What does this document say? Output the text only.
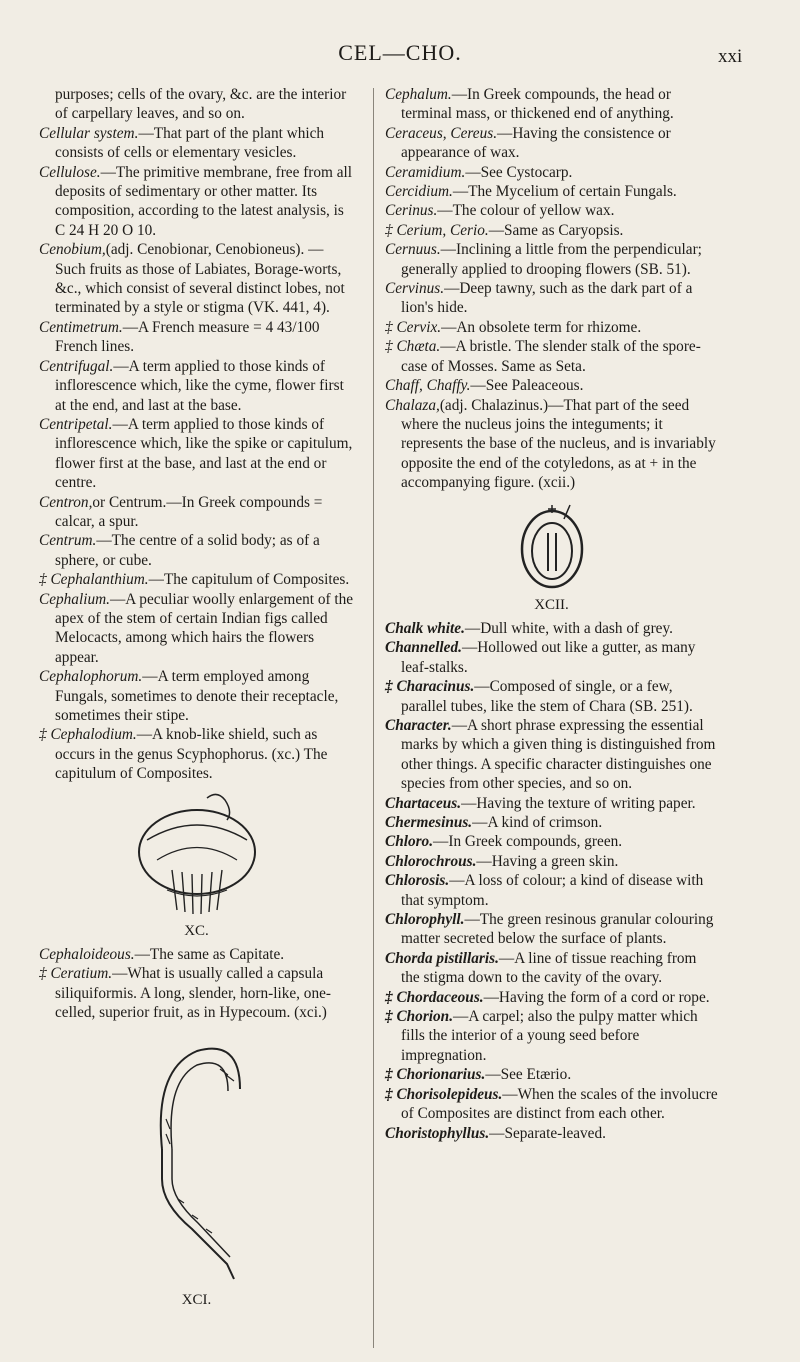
CEL—CHO.	xxi

purposes; cells of the ovary, &c. are the interior of carpellary leaves, and so on.

Cellular system.—That part of the plant which consists of cells or elementary vesicles.

Cellulose.—The primitive membrane, free from all deposits of sedimentary or other matter. Its composition, according to the latest analysis, is C 24 H 20 O 10.

Cenobium,(adj. Cenobionar, Cenobioneus). —Such fruits as those of Labiates, Borage-worts, &c., which consist of several distinct lobes, not terminated by a style or stigma (VK. 441, 4).

Centimetrum.—A French measure = 4 43/100 French lines.

Centrifugal.—A term applied to those kinds of inflorescence which, like the cyme, flower first at the end, and last at the base.

Centripetal.—A term applied to those kinds of inflorescence which, like the spike or capitulum, flower first at the base, and last at the end or centre.

Centron,or Centrum.—In Greek compounds = calcar, a spur.

Centrum.—The centre of a solid body; as of a sphere, or cube.

‡ Cephalanthium.—The capitulum of Composites.

Cephalium.—A peculiar woolly enlargement of the apex of the stem of certain Indian figs called Melocacts, among which hairs the flowers appear.

Cephalophorum.—A term employed among Fungals, sometimes to denote their receptacle, sometimes their stipe.

‡ Cephalodium.—A knob-like shield, such as occurs in the genus Scyphophorus. (xc.) The capitulum of Composites.

XC.

Cephaloideous.—The same as Capitate.

‡ Ceratium.—What is usually called a capsula siliquiformis. A long, slender, horn-like, one-celled, superior fruit, as in Hypecoum. (xci.)

XCI.

Cephalum.—In Greek compounds, the head or terminal mass, or thickened end of anything.

Ceraceus, Cereus.—Having the consistence or appearance of wax.

Ceramidium.—See Cystocarp.

Cercidium.—The Mycelium of certain Fungals.

Cerinus.—The colour of yellow wax.

‡ Cerium, Cerio.—Same as Caryopsis.

Cernuus.—Inclining a little from the perpendicular; generally applied to drooping flowers (SB. 51).

Cervinus.—Deep tawny, such as the dark part of a lion's hide.

‡ Cervix.—An obsolete term for rhizome.

‡ Chæta.—A bristle. The slender stalk of the spore-case of Mosses. Same as Seta.

Chaff, Chaffy.—See Paleaceous.

Chalaza,(adj. Chalazinus.)—That part of the seed where the nucleus joins the integuments; it represents the base of the nucleus, and is invariably opposite the end of the cotyledons, as at + in the accompanying figure. (xcii.)

XCII.

Chalk white.—Dull white, with a dash of grey.

Channelled.—Hollowed out like a gutter, as many leaf-stalks.

‡ Characinus.—Composed of single, or a few, parallel tubes, like the stem of Chara (SB. 251).

Character.—A short phrase expressing the essential marks by which a given thing is distinguished from other things. A specific character distinguishes one species from other species, and so on.

Chartaceus.—Having the texture of writing paper.

Chermesinus.—A kind of crimson.

Chloro.—In Greek compounds, green.

Chlorochrous.—Having a green skin.

Chlorosis.—A loss of colour; a kind of disease with that symptom.

Chlorophyll.—The green resinous granular colouring matter secreted below the surface of plants.

Chorda pistillaris.—A line of tissue reaching from the stigma down to the cavity of the ovary.

‡ Chordaceous.—Having the form of a cord or rope.

‡ Chorion.—A carpel; also the pulpy matter which fills the interior of a young seed before impregnation.

‡ Chorionarius.—See Etærio.

‡ Chorisolepideus.—When the scales of the involucre of Composites are distinct from each other.

Choristophyllus.—Separate-leaved.
